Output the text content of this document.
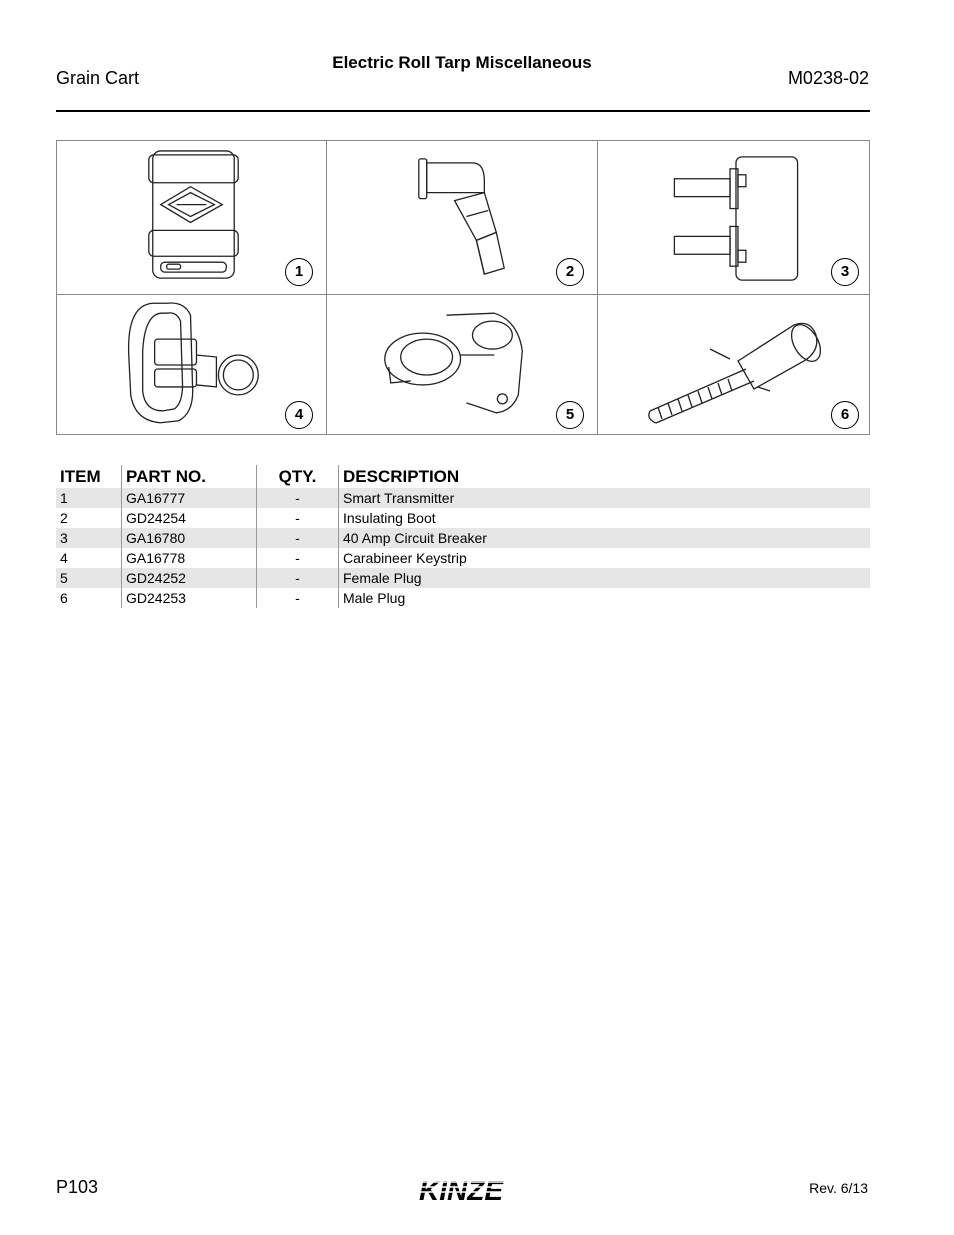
Grain Cart
Electric Roll Tarp Miscellaneous
M0238-02
1	2	3
4	5	6
ITEM	PART NO.	QTY.	DESCRIPTION
1	GA16777	-	Smart Transmitter
2	GD24254	-	Insulating Boot
3	GA16780	-	40 Amp Circuit Breaker
4	GA16778	-	Carabineer Keystrip
5	GD24252	-	Female Plug
6	GD24253	-	Male Plug
P103	KINZE	Rev. 6/13
